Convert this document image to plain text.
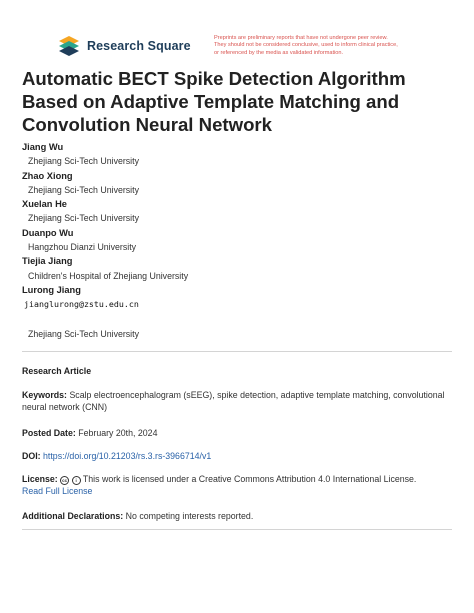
Research Square
Preprints are preliminary reports that have not undergone peer review.
They should not be considered conclusive, used to inform clinical practice,
or referenced by the media as validated information.
Automatic BECT Spike Detection Algorithm Based on Adaptive Template Matching and Convolution Neural Network
Jiang Wu
Zhejiang Sci-Tech University
Zhao Xiong
Zhejiang Sci-Tech University
Xuelan He
Zhejiang Sci-Tech University
Duanpo Wu
Hangzhou Dianzi University
Tiejia Jiang
Children's Hospital of Zhejiang University
Lurong Jiang
jianglurong@zstu.edu.cn
Zhejiang Sci-Tech University
Research Article
Keywords: Scalp electroencephalogram (sEEG), spike detection, adaptive template matching, convolutional neural network (CNN)
Posted Date: February 20th, 2024
DOI: https://doi.org/10.21203/rs.3.rs-3966714/v1
License: cc i This work is licensed under a Creative Commons Attribution 4.0 International License.
Read Full License
Additional Declarations: No competing interests reported.
